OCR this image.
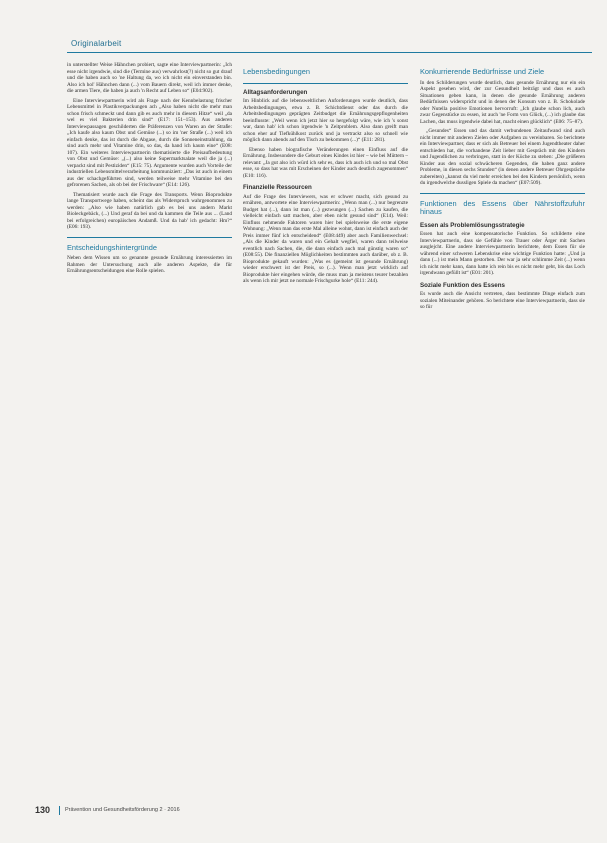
Originalarbeit

in unterstellter Weise Hähnchen probiert, sagte eine Interviewpartnerin: „Ich esse nicht irgendwie, sind die (Termine aus) verwahrlost(?) nicht so gut drauf und die haben auch so 'ne Haltung da, wo ich nicht ein einverstanden bin. Also ich hol' Hähnchen dann (...) vom Bauern direkt, weil ich immer denke, die armen Tiere, die haben ja auch 'n Recht auf Leben so“ (E04:902).

Eine Interviewpartnerin wird als Frage nach der Kennbelastung frischer Lebensmittel in Plastikverpackungen ach „Also haben nicht die mehr man schon frisch schmeckt und dann gib es auch mehr in diesem Hitze“ weil „da wel es viel Bakterien drin sind“ (E17: 151–153). Aus anderen Interviewpassagen geschilderten die Präferenzen von Waren an der Straße: „Ich kaufe also kaum Obst und Gemüse (...) so im 'ner Straße (...) weil ich einfach denke, das ist durch die Abgase, durch die Sonneneinstrahlung, da sind auch mehr und Vitamine drin, so das, da hand ich kaum eine“ (E08: 107). Ein weiteres Interviewpartnerin thematisierte die Preisaufbedeutung von Obst und Gemüse: „(...) also keine Supermarktsalate weil die ja (...) verpackt sind mit Pestiziden“ (E15: 75). Argumente wurden auch Vorteile der industriellen Lebensmittelverarbeitung kommuniziert: „Das ist auch in einem aus der schachgeführten sind, werden teilweise mehr Vitamine bei den gefrorenen Sachen, als ob bei der Frischware“ (E14: 126).

Thematisiert wurde auch die Frage des Transports. Wenn Bioprodukte lange Transportwege haben, scheint das als Widerspruch wahrgenommen zu werden: „Also wie haben natürlich gab es bei uns andern Markt Bioleckgebäck, (...) Und geraf da bei und da kammen die Teile aus ... (Land bei erfolgreichen) europäischen Andamß. Und da hab' ich gedacht: Hm?“ (E06: 193).

Entscheidungshintergründe

Neben dem Wissen um so genannte gesunde Ernährung interessierten im Rahmen der Untersuchung auch alle anderen Aspekte, die für Ernährungsentscheidungen eine Rolle spielen.

Lebensbedingungen
Alltagsanforderungen

Im Hinblick auf die lebensweltlichen Anforderungen wurde deutlich, dass Arbeitsbedingungen, etwa z. B. Schichtdienst oder das durch die Arbeitsbedingungen geprägten Zeitbudget die Ernährungsgepflogenheiten beeinflusste: „Weil wenn ich jetzt hier so hergefolgt wäre, wie ich 's sonst war, dann hab' ich schon irgendwie 'n Zeitproblem. Also dann greift man schon eher auf Tiefkühlkost zurück und ja vertrackt also so schnell wie möglich dann abends auf den Tisch zu bekommen (...)“ (E11: 281).

Ebenso haben biografische Veränderungen einen Einfluss auf die Ernährung. Insbesondere die Geburt eines Kindes ist hier – wie bei Müttern – relevant: „Ja gut also ich würd ich sehr es, dass ich auch ich und so mal Obst esse, so dass hat was mit Erscheinen der Kinder auch deutlich zugenommen“ (E10: 116).

Finanzielle Ressourcen

Auf die Frage des Interviewers, was er schwer macht, sich gesund zu ernähren, antwortete eine Interviewpartnerin: „Wenn man (...) nur begrenzte Budget hat (...), dann ist man (...) gezwungen (...) Sachen zu kaufen, die vielleicht einfach satt machen, aber eben nicht gesund sind“ (E14). Weil: Einfluss nehmende Faktoren waren hier bei spielsweise die erste eigene Wohnung: „Wenn man das erste Mal alleine wohnt, dann ist einfach auch der Preis immer fünf ich entscheidend“ (E08:449) aber auch Familienwechsel: „Als die Kinder da waren und ein Gehalt wegfiel, waren dann teilweise eventlich nach Sachen, die, die dann einfach auch mal günstig waren so“ (E08:55). Die finanziellen Möglichkeiten bestimmten auch darüber, ob z. B. Bioprodukte gekauft wurden: „Was es (gemeint ist gesunde Ernährung) wieder erschwert ist der Preis, so (...). Wenn man jetzt wirklich auf Bioprodukte hier eingehen würde, die muss man ja meistens teurer bezahlen als wenn ich mir jetzt ne normale Frischgurke hole“ (E11: 244).

Konkurrierende Bedürfnisse und Ziele

In den Schilderungen wurde deutlich, dass gesunde Ernährung nur ein ein Aspekt gesehen wird, der zur Gesundheit beiträgt und dass es auch Situationen geben kann, in denen die gesunde Ernährung anderen Bedürfnissen widerspricht und in denen der Konsum von z. B. Schokolade oder Nutella positive Emotionen hervorruft: „Ich glaube schon lich, auch zwar Gegenstücke zu essen, ist auch 'ne Form von Glück, (...) ich glaube das Lachen, das muss irgendwie dabei hat, macht einen glücklich“ (E06: 75–87).

„Gesundes“ Essen und das damit verbundenen Zeitaufwand sind auch nicht immer mit anderen Zielen oder Aufgaben zu vereinbaren. So berichtete ein Interviewpartner, dass er sich als Betreuer bei einem Jugendtheater daher entschieden hat, die vorhandene Zeit lieber mit Gespräch mit den Kindern und Jugendlichen zu verbringen, statt in der Küche zu stehen: „Die größeren Kinder aus den sozial schwächeren Gegenden, die haben ganz andere Probleme, in diesen sechs Stunden“ (in denen andere Betreuer Ohrgespräche zubereiten) „kannst du viel mehr erreichen bei den Kindern persönlich, wenn du irgendwelche dussligen Spiele da machen“ (E07:509).

Funktionen des Essens über Nährstoffzufuhr hinaus
Essen als Problemlösungsstrategie

Essen hat auch eine kompensatorische Funktion. So schilderte eine Interviewpartnerin, dass sie Gefühle von Trauer oder Ärger mit Sachen ausglejcht. Eine andere Interviewpartnerin berichtete, dem Essen für sie während einer schweren Lebenskrise eine wichtige Funktion hatte: „Und ja dann (...) ist mein Mann gestorben. Der war ja sehr schlimme Zeit (...) wenn ich nicht mehr kann, dann hatte ich rein bis es nicht mehr geht, bis das Loch irgendwann gefüllt ist“ (E01: 201).

Soziale Funktion des Essens

Es wurde auch die Ansicht vertreten, dass bestimmte Dinge einfach zum sozialen Miteinander gehören. So berichtete eine Interviewpartnerin, dass sie so für

130	Prävention und Gesundheitsförderung 2 · 2016
